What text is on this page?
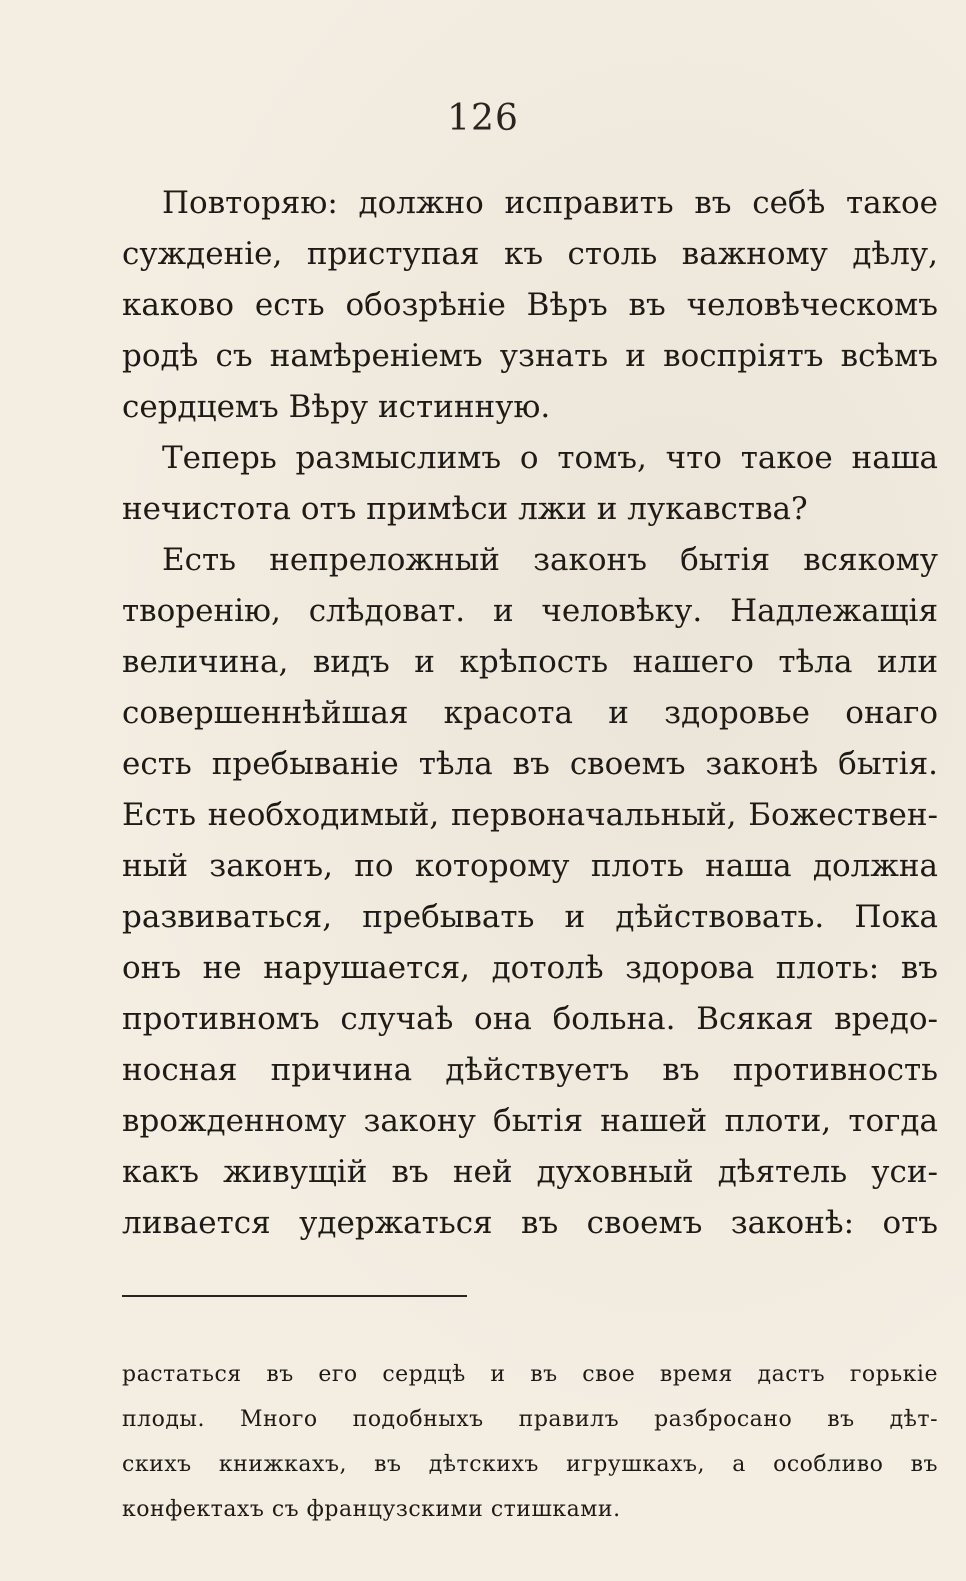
126
Повторяю: должно исправить въ себѣ такое
сужденіе, приступая къ столь важному дѣлу,
каково есть обозрѣніе Вѣръ въ человѣческомъ
родѣ съ намѣреніемъ узнать и воспріятъ всѣмъ
сердцемъ Вѣру истинную.
Теперь размыслимъ о томъ, что такое наша
нечистота отъ примѣси лжи и лукавства?
Есть непреложный законъ бытія всякому
творенію, слѣдоват. и человѣку. Надлежащія
величина, видъ и крѣпость нашего тѣла или
совершеннѣйшая красота и здоровье онаго
есть пребываніе тѣла въ своемъ законѣ бытія.
Есть необходимый, первоначальный, Божествен-
ный законъ, по которому плоть наша должна
развиваться, пребывать и дѣйствовать. Пока
онъ не нарушается, дотолѣ здорова плоть: въ
противномъ случаѣ она больна. Всякая вредо-
носная причина дѣйствуетъ въ противность
врожденному закону бытія нашей плоти, тогда
какъ живущій въ ней духовный дѣятель уси-
ливается удержаться въ своемъ законѣ: отъ
растаться въ его сердцѣ и въ свое время дастъ горькіе
плоды. Много подобныхъ правилъ разбросано въ дѣт-
скихъ книжкахъ, въ дѣтскихъ игрушкахъ, а особливо въ
конфектахъ съ французскими стишками.
